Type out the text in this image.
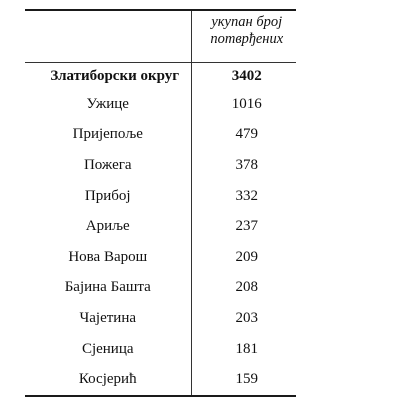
	укупан број
потврђених

Златиборски округ	3402
Ужице	1016
Пријепоље	479
Пожега	378
Прибој	332
Ариље	237
Нова Варош	209
Бајина Башта	208
Чајетина	203
Сјеница	181
Косјерић	159
